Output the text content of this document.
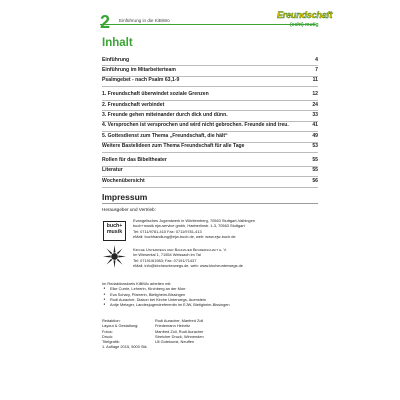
2 Einführung in die KiBiWo
Ereundschaft
(echt) mutig
Inhalt
Einführung	4
Einführung im Mitarbeiterteam	7
Psalmgebet - nach Psalm 63,1-9	11
1. Freundschaft überwindet soziale Grenzen	12
2. Freundschaft verbindet	24
3. Freunde gehen miteinander durch dick und dünn.	33
4. Versprochen ist versprochen und wird nicht gebrochen. Freunde sind treu.	41
5. Gottesdienst zum Thema „Freundschaft, die hält“	49
Weitere Bastelideen zum Thema Freundschaft für alle Tage	53
Rollen für das Bibeltheater	55
Literatur	55
Wochenübersicht	56
Impressum
Herausgeber und Vertrieb:
buch+
musik
Evangelisches Jugendwerk in Württemberg, 70563 Stuttgart-Vaihingen
buch+musik ejw-service gmbh, Haeberlinstr. 1-3, 70563 Stuttgart
Tel: 0711/9781-410 Fax: 0711/9781-413
eMail: buchhandlung@ejw-buch.de, web: www.ejw-buch.de
Kirche Unterwegs der Bahnauer Bruderschaft e. V.
Im Wiesental 1, 71554 Weissach im Tal
Tel: 07191/61983; Fax: 07191/71437
eMail: info@kircheunterwegs.de, web: www.kircheunterwegs.de
Im Redaktionskreis KiBiWo arbeiten mit:
● Elke Currle, Lehrerin, Kirchberg an der Murr
● Eva Schary, Pfarrerin, Bietigheim-Bissingen
● Rudi Auracher, Diakon bei Kirche Unterwegs, Auenstein
● Antje Metzger, Landesjugendreferentin im EJW, Bietigheim-Bissingen
Redaktion:	Rudi Auracher, Manfred Zoll
Layout & Gestaltung:	Friedemann Heinritz
Fotos:	Manfred Zoll, Rudi Auracher
Druck:	Streicher Druck, Winnenden
Titelgrafik:	Uli Gutekunst, Neuffen
1. Auflage 2015, 5000 Stk.
